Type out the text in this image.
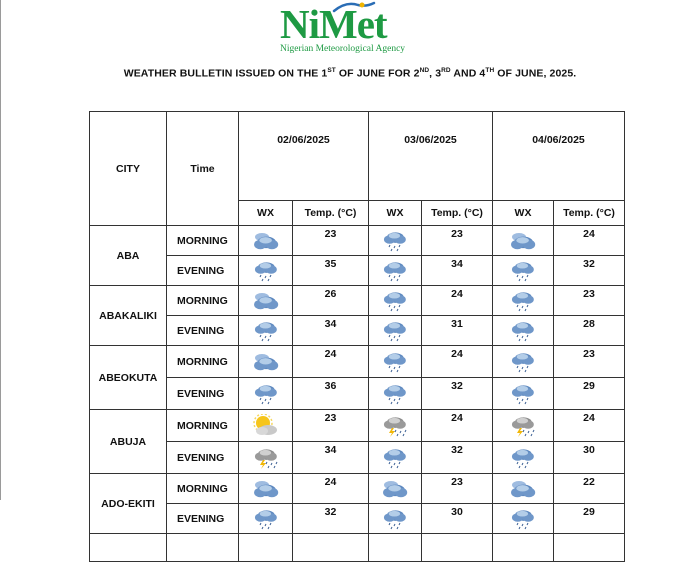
NiMet
Nigerian Meteorological Agency
WEATHER BULLETIN ISSUED ON THE 1ST OF JUNE FOR 2ND, 3RD AND 4TH OF JUNE, 2025.
CITY	Time	02/06/2025		03/06/2025		04/06/2025	
		WX	Temp. (°C)	WX	Temp. (°C)	WX	Temp. (°C)
ABA	MORNING		23		23		24
	EVENING		35		34		32
ABAKALIKI	MORNING		26		24		23
	EVENING		34		31		28
ABEOKUTA	MORNING		24		24		23
	EVENING		36		32		29
ABUJA	MORNING		23		24		24
	EVENING		34		32		30
ADO-EKITI	MORNING		24		23		22
	EVENING		32		30		29
